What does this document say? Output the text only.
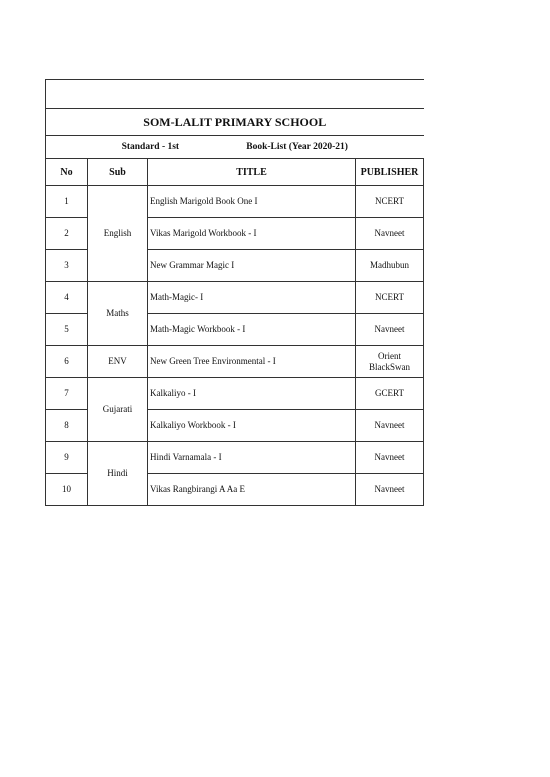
SOM-LALIT PRIMARY SCHOOL			

Standard - 1st Book-List (Year 2020-21)			

No	Sub	TITLE	PUBLISHER
1	English	English Marigold Book One I	NCERT
2		Vikas Marigold Workbook - I	Navneet
3		New Grammar Magic I	Madhubun
4	Maths	Math-Magic- I	NCERT
5		Math-Magic Workbook - I	Navneet
6	ENV	New Green Tree Environmental - I	Orient
BlackSwan

7	Gujarati	Kalkaliyo - I	GCERT
8		Kalkaliyo Workbook - I	Navneet
9	Hindi	Hindi Varnamala - I	Navneet
10		Vikas Rangbirangi A Aa E	Navneet
